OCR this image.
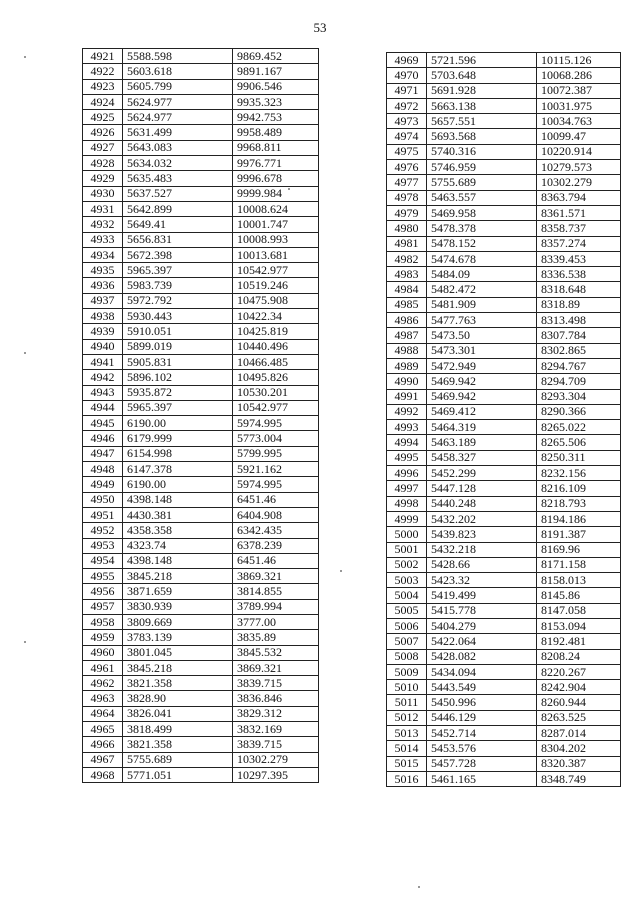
53
4921	5588.598	9869.452
4922	5603.618	9891.167
4923	5605.799	9906.546
4924	5624.977	9935.323
4925	5624.977	9942.753
4926	5631.499	9958.489
4927	5643.083	9968.811
4928	5634.032	9976.771
4929	5635.483	9996.678
4930	5637.527	9999.984
4931	5642.899	10008.624
4932	5649.41	10001.747
4933	5656.831	10008.993
4934	5672.398	10013.681
4935	5965.397	10542.977
4936	5983.739	10519.246
4937	5972.792	10475.908
4938	5930.443	10422.34
4939	5910.051	10425.819
4940	5899.019	10440.496
4941	5905.831	10466.485
4942	5896.102	10495.826
4943	5935.872	10530.201
4944	5965.397	10542.977
4945	6190.00	5974.995
4946	6179.999	5773.004
4947	6154.998	5799.995
4948	6147.378	5921.162
4949	6190.00	5974.995
4950	4398.148	6451.46
4951	4430.381	6404.908
4952	4358.358	6342.435
4953	4323.74	6378.239
4954	4398.148	6451.46
4955	3845.218	3869.321
4956	3871.659	3814.855
4957	3830.939	3789.994
4958	3809.669	3777.00
4959	3783.139	3835.89
4960	3801.045	3845.532
4961	3845.218	3869.321
4962	3821.358	3839.715
4963	3828.90	3836.846
4964	3826.041	3829.312
4965	3818.499	3832.169
4966	3821.358	3839.715
4967	5755.689	10302.279
4968	5771.051	10297.395
4969	5721.596	10115.126
4970	5703.648	10068.286
4971	5691.928	10072.387
4972	5663.138	10031.975
4973	5657.551	10034.763
4974	5693.568	10099.47
4975	5740.316	10220.914
4976	5746.959	10279.573
4977	5755.689	10302.279
4978	5463.557	8363.794
4979	5469.958	8361.571
4980	5478.378	8358.737
4981	5478.152	8357.274
4982	5474.678	8339.453
4983	5484.09	8336.538
4984	5482.472	8318.648
4985	5481.909	8318.89
4986	5477.763	8313.498
4987	5473.50	8307.784
4988	5473.301	8302.865
4989	5472.949	8294.767
4990	5469.942	8294.709
4991	5469.942	8293.304
4992	5469.412	8290.366
4993	5464.319	8265.022
4994	5463.189	8265.506
4995	5458.327	8250.311
4996	5452.299	8232.156
4997	5447.128	8216.109
4998	5440.248	8218.793
4999	5432.202	8194.186
5000	5439.823	8191.387
5001	5432.218	8169.96
5002	5428.66	8171.158
5003	5423.32	8158.013
5004	5419.499	8145.86
5005	5415.778	8147.058
5006	5404.279	8153.094
5007	5422.064	8192.481
5008	5428.082	8208.24
5009	5434.094	8220.267
5010	5443.549	8242.904
5011	5450.996	8260.944
5012	5446.129	8263.525
5013	5452.714	8287.014
5014	5453.576	8304.202
5015	5457.728	8320.387
5016	5461.165	8348.749
